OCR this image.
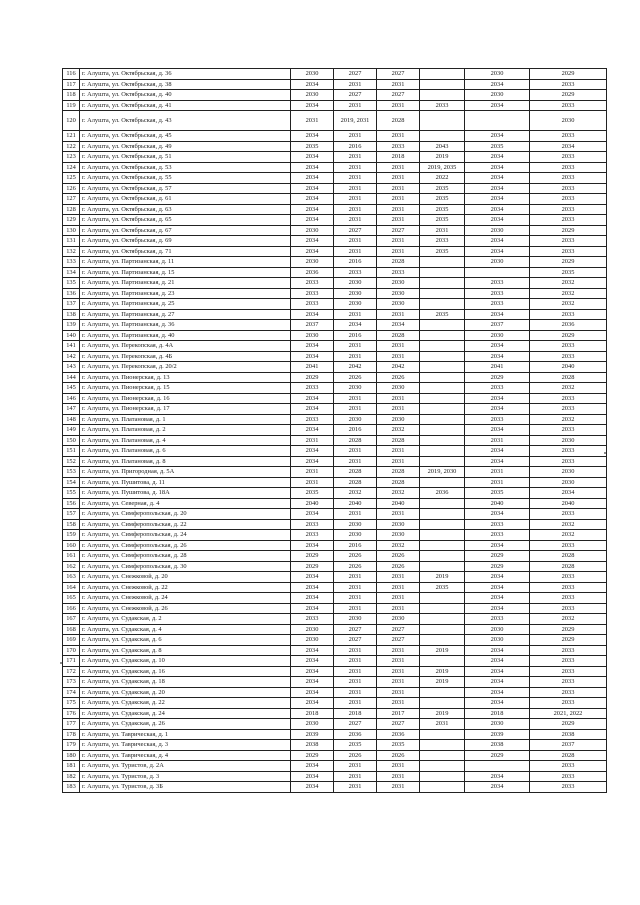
116	г. Алушта, ул. Октябрьская, д. 36	2030	2027	2027		2030	2029
117	г. Алушта, ул. Октябрьская, д. 38	2034	2031	2031		2034	2033
118	г. Алушта, ул. Октябрьская, д. 40	2030	2027	2027		2030	2029
119	г. Алушта, ул. Октябрьская, д. 41	2034	2031	2031	2033	2034	2033
120	г. Алушта, ул. Октябрьская, д. 43	2031	2019, 2031	2028			2030
121	г. Алушта, ул. Октябрьская, д. 45	2034	2031	2031		2034	2033
122	г. Алушта, ул. Октябрьская, д. 49	2035	2016	2033	2043	2035	2034
123	г. Алушта, ул. Октябрьская, д. 51	2034	2031	2018	2019	2034	2033
124	г. Алушта, ул. Октябрьская, д. 53	2034	2031	2031	2019, 2035	2034	2033
125	г. Алушта, ул. Октябрьская, д. 55	2034	2031	2031	2022	2034	2033
126	г. Алушта, ул. Октябрьская, д. 57	2034	2031	2031	2035	2034	2033
127	г. Алушта, ул. Октябрьская, д. 61	2034	2031	2031	2035	2034	2033
128	г. Алушта, ул. Октябрьская, д. 63	2034	2031	2031	2035	2034	2033
129	г. Алушта, ул. Октябрьская, д. 65	2034	2031	2031	2035	2034	2033
130	г. Алушта, ул. Октябрьская, д. 67	2030	2027	2027	2031	2030	2029
131	г. Алушта, ул. Октябрьская, д. 69	2034	2031	2031	2033	2034	2033
132	г. Алушта, ул. Октябрьская, д. 71	2034	2031	2031	2035	2034	2033
133	г. Алушта, ул. Партизанская, д. 11	2030	2016	2028		2030	2029
134	г. Алушта, ул. Партизанская, д. 15	2036	2033	2033			2035
135	г. Алушта, ул. Партизанская, д. 21	2033	2030	2030		2033	2032
136	г. Алушта, ул. Партизанская, д. 23	2033	2030	2030		2033	2032
137	г. Алушта, ул. Партизанская, д. 25	2033	2030	2030		2033	2032
138	г. Алушта, ул. Партизанская, д. 27	2034	2031	2031	2035	2034	2033
139	г. Алушта, ул. Партизанская, д. 36	2037	2034	2034		2037	2036
140	г. Алушта, ул. Партизанская, д. 40	2030	2016	2028		2030	2029
141	г. Алушта, ул. Перекопская, д. 4А	2034	2031	2031		2034	2033
142	г. Алушта, ул. Перекопская, д. 4Б	2034	2031	2031		2034	2033
143	г. Алушта, ул. Перекопская, д. 20/2	2041	2042	2042		2041	2040
144	г. Алушта, ул. Пионерская, д. 13	2029	2026	2026		2029	2028
145	г. Алушта, ул. Пионерская, д. 15	2033	2030	2030		2033	2032
146	г. Алушта, ул. Пионерская, д. 16	2034	2031	2031		2034	2033
147	г. Алушта, ул. Пионерская, д. 17	2034	2031	2031		2034	2033
148	г. Алушта, ул. Платановая, д. 1	2033	2030	2030		2033	2032
149	г. Алушта, ул. Платановая, д. 2	2034	2016	2032		2034	2033
150	г. Алушта, ул. Платановая, д. 4	2031	2028	2028		2031	2030
151	г. Алушта, ул. Платановая, д. 6	2034	2031	2031		2034	2033
152	г. Алушта, ул. Платановая, д. 8	2034	2031	2031		2034	2033
153	г. Алушта, ул. Пригородная, д. 5А	2031	2028	2028	2019, 2030	2031	2030
154	г. Алушта, ул. Пушитова, д. 11	2031	2028	2028		2031	2030
155	г. Алушта, ул. Пушитова, д. 18А	2035	2032	2032	2036	2035	2034
156	г. Алушта, ул. Северная, д. 4	2040	2040	2040		2040	2040
157	г. Алушта, ул. Симферопольская, д. 20	2034	2031	2031		2034	2033
158	г. Алушта, ул. Симферопольская, д. 22	2033	2030	2030		2033	2032
159	г. Алушта, ул. Симферопольская, д. 24	2033	2030	2030		2033	2032
160	г. Алушта, ул. Симферопольская, д. 26	2034	2016	2032		2034	2033
161	г. Алушта, ул. Симферопольская, д. 28	2029	2026	2026		2029	2028
162	г. Алушта, ул. Симферопольская, д. 30	2029	2026	2026		2029	2028
163	г. Алушта, ул. Снежковой, д. 20	2034	2031	2031	2019	2034	2033
164	г. Алушта, ул. Снежковой, д. 22	2034	2031	2031	2035	2034	2033
165	г. Алушта, ул. Снежковой, д. 24	2034	2031	2031		2034	2033
166	г. Алушта, ул. Снежковой, д. 26	2034	2031	2031		2034	2033
167	г. Алушта, ул. Судакская, д. 2	2033	2030	2030		2033	2032
168	г. Алушта, ул. Судакская, д. 4	2030	2027	2027		2030	2029
169	г. Алушта, ул. Судакская, д. 6	2030	2027	2027		2030	2029
170	г. Алушта, ул. Судакская, д. 8	2034	2031	2031	2019	2034	2033
171	г. Алушта, ул. Судакская, д. 10	2034	2031	2031		2034	2033
172	г. Алушта, ул. Судакская, д. 16	2034	2031	2031	2019	2034	2033
173	г. Алушта, ул. Судакская, д. 18	2034	2031	2031	2019	2034	2033
174	г. Алушта, ул. Судакская, д. 20	2034	2031	2031		2034	2033
175	г. Алушта, ул. Судакская, д. 22	2034	2031	2031		2034	2033
176	г. Алушта, ул. Судакская, д. 24	2018	2018	2017	2019	2018	2021, 2022
177	г. Алушта, ул. Судакская, д. 26	2030	2027	2027	2031	2030	2029
178	г. Алушта, ул. Таврическая, д. 1	2039	2036	2036		2039	2038
179	г. Алушта, ул. Таврическая, д. 3	2038	2035	2035		2038	2037
180	г. Алушта, ул. Таврическая, д. 4	2029	2026	2026		2029	2028
181	г. Алушта, ул. Туристов, д. 2А	2034	2031	2031			2033
182	г. Алушта, ул. Туристов, д. 3	2034	2031	2031		2034	2033
183	г. Алушта, ул. Туристов, д. 3Б	2034	2031	2031		2034	2033
